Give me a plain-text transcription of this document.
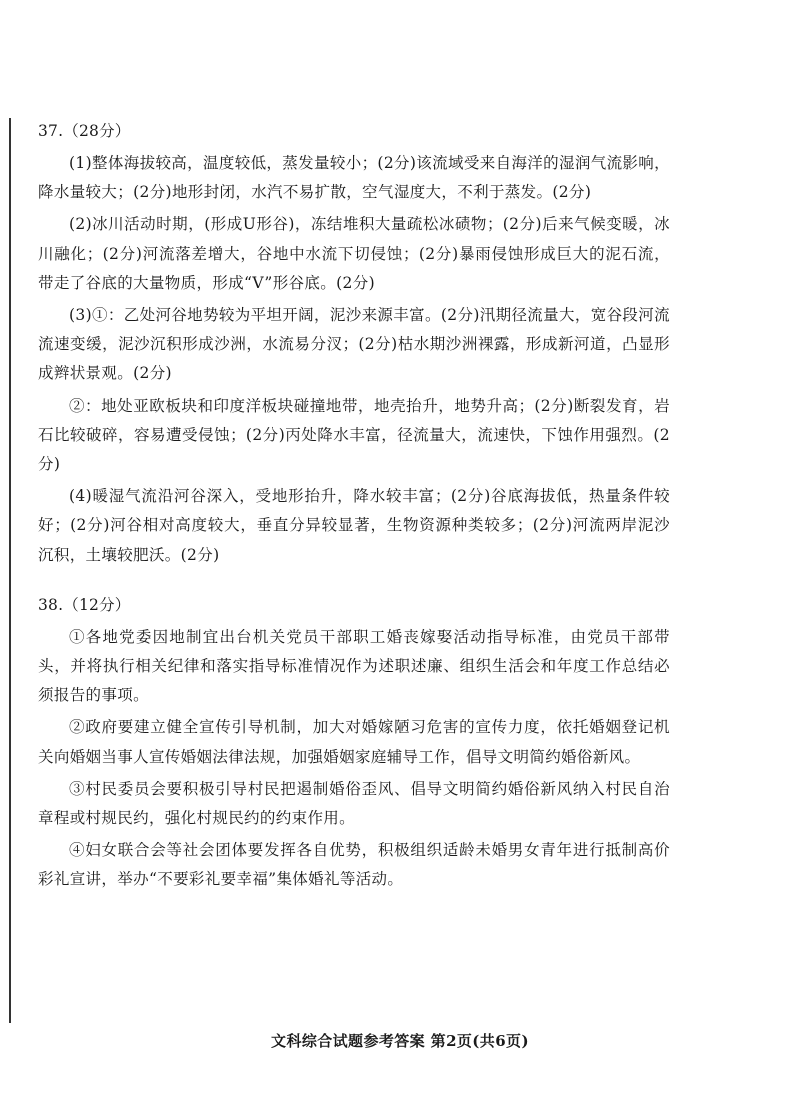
37.（28分）

(1)整体海拔较高，温度较低，蒸发量较小；(2分)该流域受来自海洋的湿润气流影响，降水量较大；(2分)地形封闭，水汽不易扩散，空气湿度大，不利于蒸发。(2分)

(2)冰川活动时期，(形成U形谷)，冻结堆积大量疏松冰碛物；(2分)后来气候变暖，冰川融化；(2分)河流落差增大，谷地中水流下切侵蚀；(2分)暴雨侵蚀形成巨大的泥石流，带走了谷底的大量物质，形成“V”形谷底。(2分)

(3)①：乙处河谷地势较为平坦开阔，泥沙来源丰富。(2分)汛期径流量大，宽谷段河流流速变缓，泥沙沉积形成沙洲，水流易分汊；(2分)枯水期沙洲裸露，形成新河道，凸显形成辫状景观。(2分)

②：地处亚欧板块和印度洋板块碰撞地带，地壳抬升，地势升高；(2分)断裂发育，岩石比较破碎，容易遭受侵蚀；(2分)丙处降水丰富，径流量大，流速快，下蚀作用强烈。(2分)

(4)暖湿气流沿河谷深入，受地形抬升，降水较丰富；(2分)谷底海拔低，热量条件较好；(2分)河谷相对高度较大，垂直分异较显著，生物资源种类较多；(2分)河流两岸泥沙沉积，土壤较肥沃。(2分)

38.（12分）

①各地党委因地制宜出台机关党员干部职工婚丧嫁娶活动指导标准，由党员干部带头，并将执行相关纪律和落实指导标准情况作为述职述廉、组织生活会和年度工作总结必须报告的事项。

②政府要建立健全宣传引导机制，加大对婚嫁陋习危害的宣传力度，依托婚姻登记机关向婚姻当事人宣传婚姻法律法规，加强婚姻家庭辅导工作，倡导文明简约婚俗新风。

③村民委员会要积极引导村民把遏制婚俗歪风、倡导文明简约婚俗新风纳入村民自治章程或村规民约，强化村规民约的约束作用。

④妇女联合会等社会团体要发挥各自优势，积极组织适龄未婚男女青年进行抵制高价彩礼宣讲，举办“不要彩礼要幸福”集体婚礼等活动。

文科综合试题参考答案 第2页(共6页)
